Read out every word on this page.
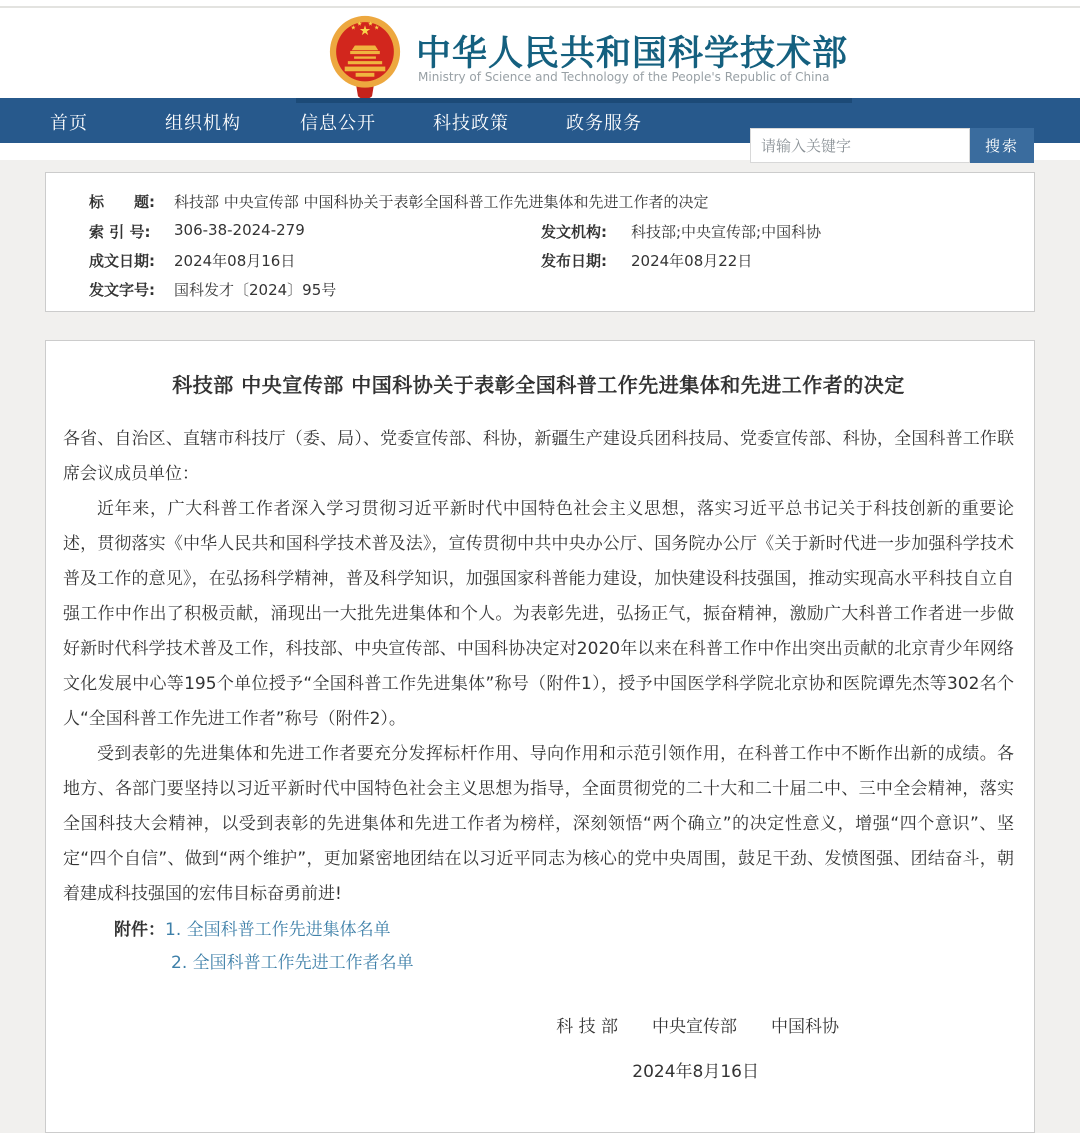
中华人民共和国科学技术部
Ministry of Science and Technology of the People's Republic of China
首页	组织机构	信息公开	科技政策	政务服务
请输入关键字
搜索
标　　题: 科技部 中央宣传部 中国科协关于表彰全国科普工作先进集体和先进工作者的决定
索 引 号: 306-38-2024-279	发文机构: 科技部;中央宣传部;中国科协
成文日期: 2024年08月16日	发布日期: 2024年08月22日
发文字号: 国科发才〔2024〕95号
科技部 中央宣传部 中国科协关于表彰全国科普工作先进集体和先进工作者的决定
各省、自治区、直辖市科技厅（委、局）、党委宣传部、科协，新疆生产建设兵团科技局、党委宣传部、科协，全国科普工作联席会议成员单位：
近年来，广大科普工作者深入学习贯彻习近平新时代中国特色社会主义思想，落实习近平总书记关于科技创新的重要论述，贯彻落实《中华人民共和国科学技术普及法》，宣传贯彻中共中央办公厅、国务院办公厅《关于新时代进一步加强科学技术普及工作的意见》，在弘扬科学精神，普及科学知识，加强国家科普能力建设，加快建设科技强国，推动实现高水平科技自立自强工作中作出了积极贡献，涌现出一大批先进集体和个人。为表彰先进，弘扬正气，振奋精神，激励广大科普工作者进一步做好新时代科学技术普及工作，科技部、中央宣传部、中国科协决定对2020年以来在科普工作中作出突出贡献的北京青少年网络文化发展中心等195个单位授予“全国科普工作先进集体”称号（附件1），授予中国医学科学院北京协和医院谭先杰等302名个人“全国科普工作先进工作者”称号（附件2）。
受到表彰的先进集体和先进工作者要充分发挥标杆作用、导向作用和示范引领作用，在科普工作中不断作出新的成绩。各地方、各部门要坚持以习近平新时代中国特色社会主义思想为指导，全面贯彻党的二十大和二十届二中、三中全会精神，落实全国科技大会精神，以受到表彰的先进集体和先进工作者为榜样，深刻领悟“两个确立”的决定性意义，增强“四个意识”、坚定“四个自信”、做到“两个维护”，更加紧密地团结在以习近平同志为核心的党中央周围，鼓足干劲、发愤图强、团结奋斗，朝着建成科技强国的宏伟目标奋勇前进!
附件：1. 全国科普工作先进集体名单
2. 全国科普工作先进工作者名单
科 技 部　　中央宣传部　　中国科协
2024年8月16日
